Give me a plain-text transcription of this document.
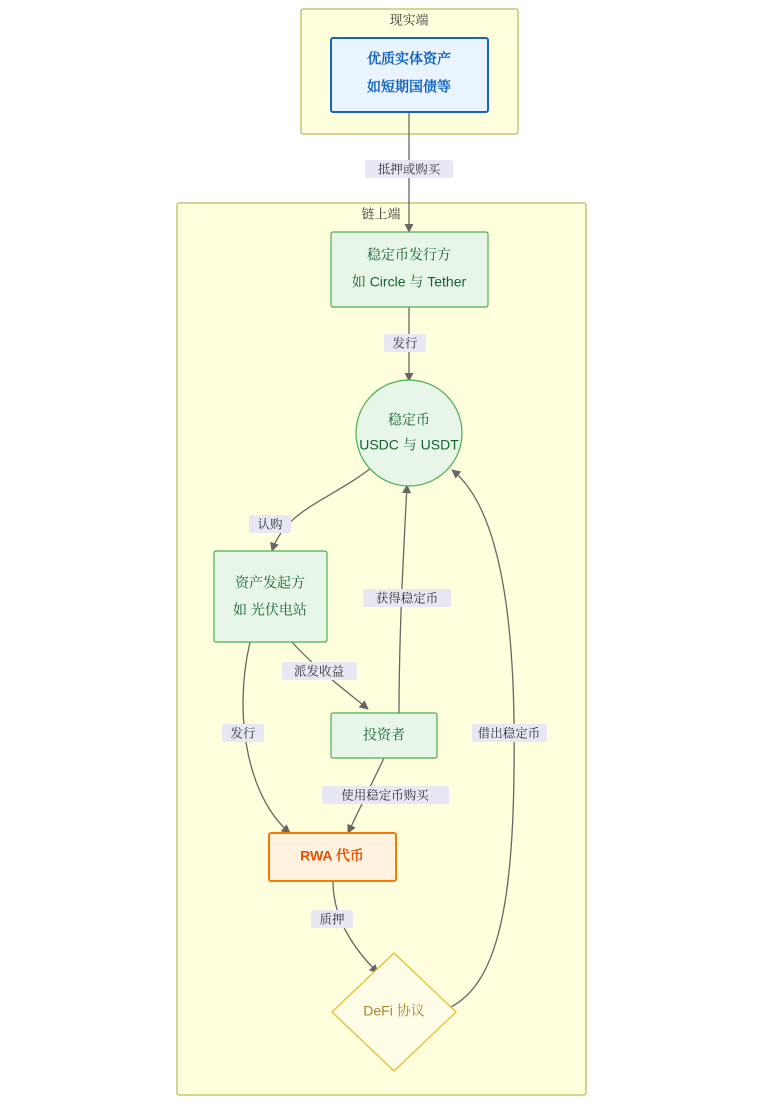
现实端
链上端
优质实体资产
如短期国债等
稳定币发行方
如 Circle 与 Tether
稳定币
USDC 与 USDT
资产发起方
如 光伏电站
投资者
RWA 代币
DeFi 协议
抵押或购买
发行
认购
派发收益
发行
获得稳定币
使用稳定币购买
质押
借出稳定币
